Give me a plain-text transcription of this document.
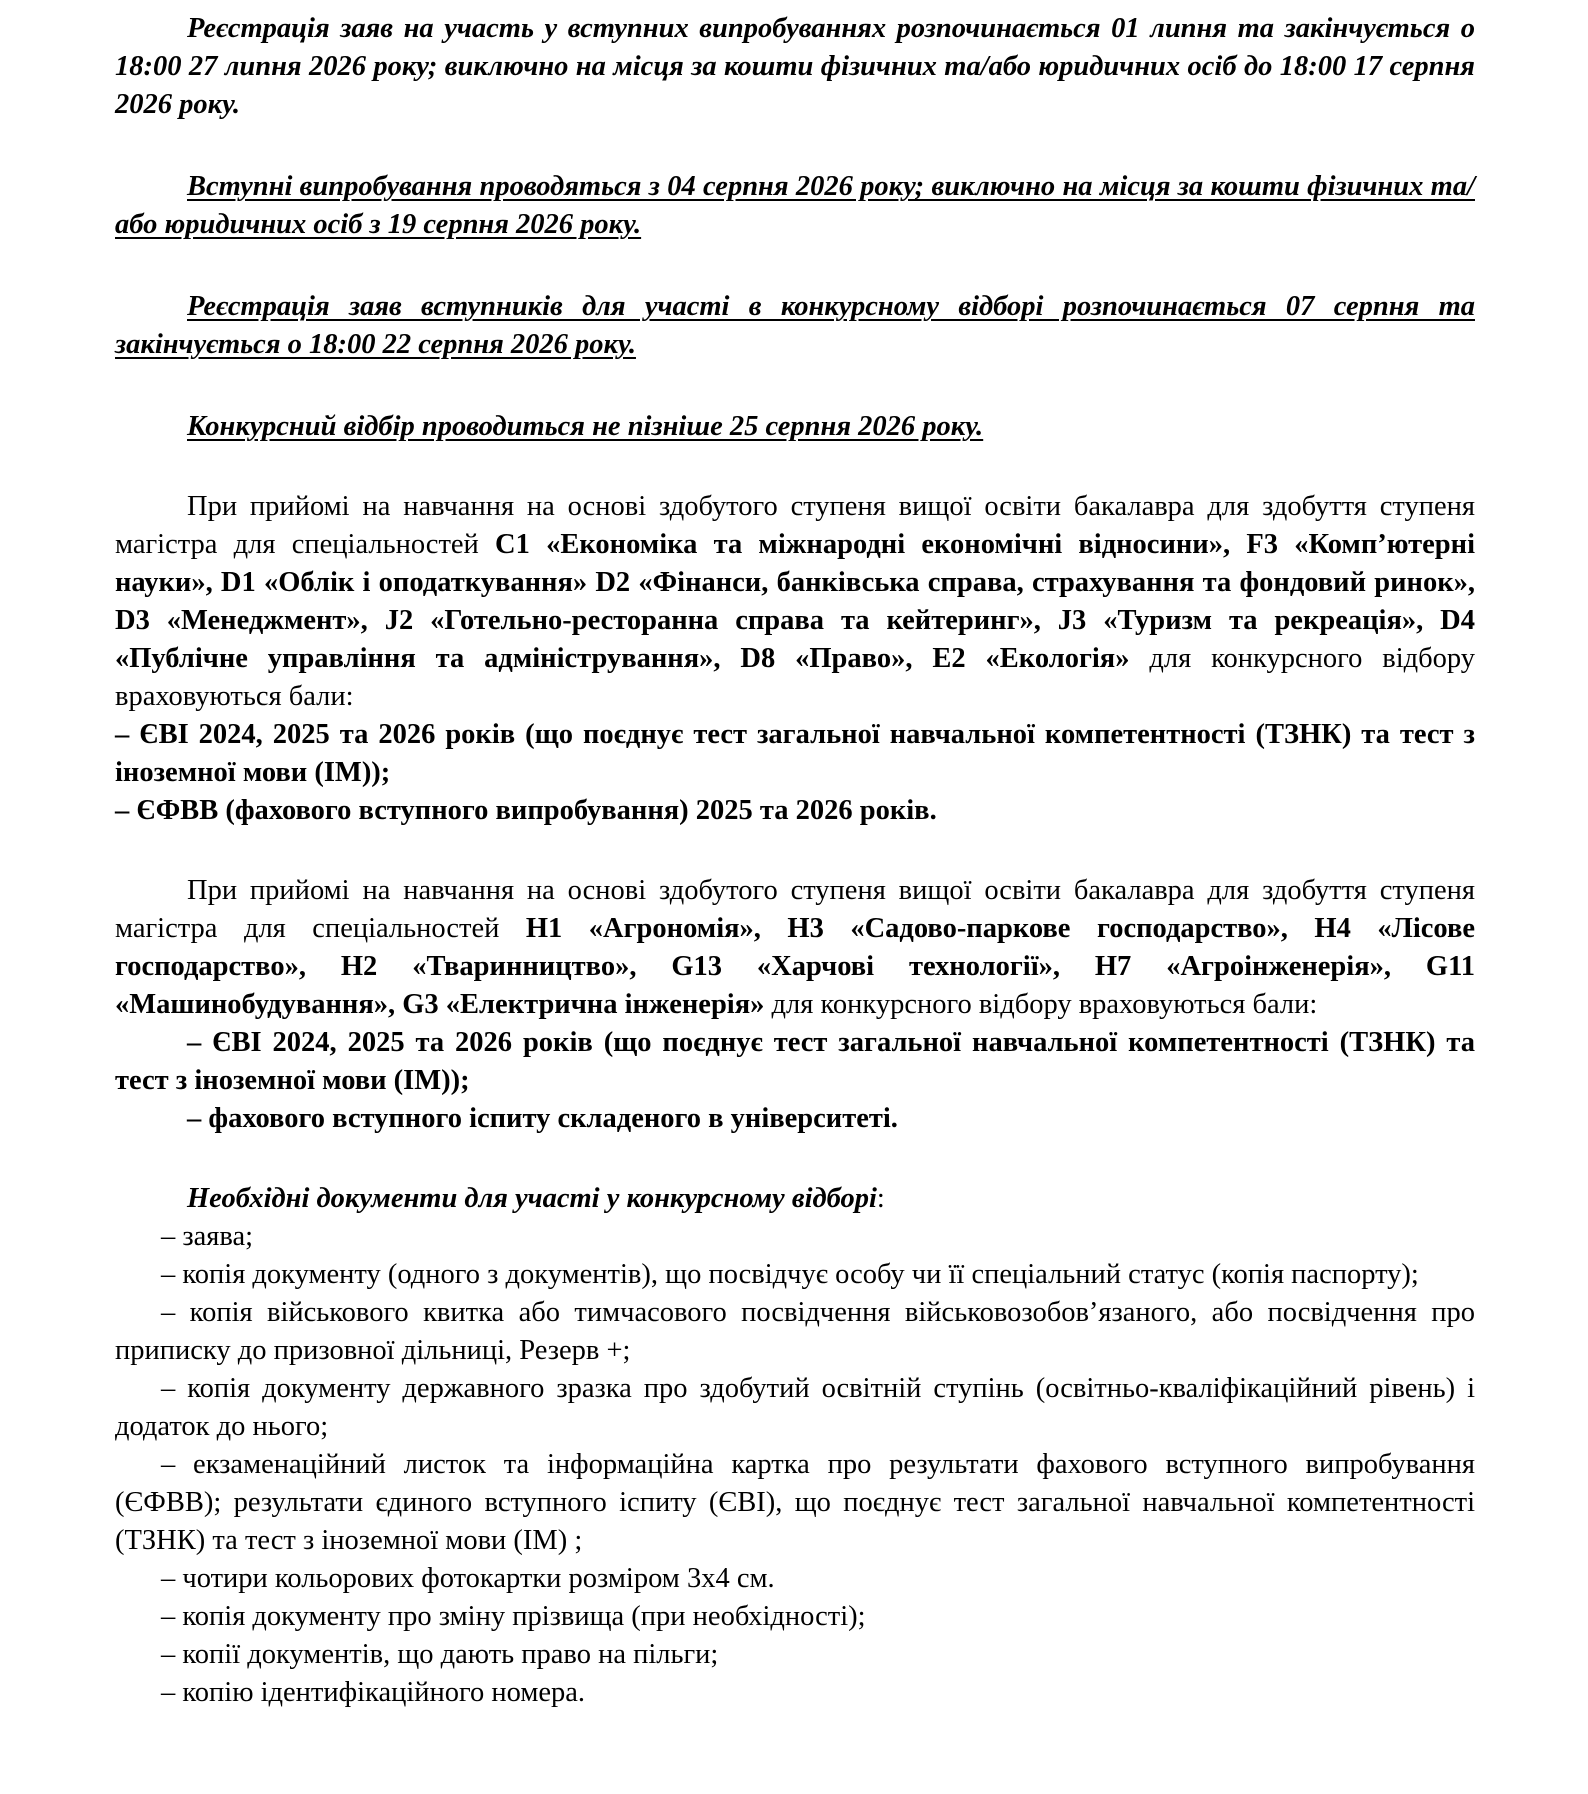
Реєстрація заяв на участь у вступних випробуваннях розпочинається 01 липня та закінчується о 18:00 27 липня 2026 року; виключно на місця за кошти фізичних та/або юридичних осіб до 18:00 17 серпня 2026 року.

Вступні випробування проводяться з 04 серпня 2026 року; виключно на місця за кошти фізичних та/або юридичних осіб з 19 серпня 2026 року.

Реєстрація заяв вступників для участі в конкурсному відборі розпочинається 07 серпня та закінчується о 18:00 22 серпня 2026 року.

Конкурсний відбір проводиться не пізніше 25 серпня 2026 року.

При прийомі на навчання на основі здобутого ступеня вищої освіти бакалавра для здобуття ступеня магістра для спеціальностей C1 «Економіка та міжнародні економічні відносини», F3 «Комп’ютерні науки», D1 «Облік і оподаткування» D2 «Фінанси, банківська справа, страхування та фондовий ринок», D3 «Менеджмент», J2 «Готельно-ресторанна справа та кейтеринг», J3 «Туризм та рекреація», D4 «Публічне управління та адміністрування», D8 «Право», E2 «Екологія» для конкурсного відбору враховуються бали:

– ЄВІ 2024, 2025 та 2026 років (що поєднує тест загальної навчальної компетентності (ТЗНК) та тест з іноземної мови (ІМ));

– ЄФВВ (фахового вступного випробування) 2025 та 2026 років.

При прийомі на навчання на основі здобутого ступеня вищої освіти бакалавра для здобуття ступеня магістра для спеціальностей H1 «Агрономія», H3 «Садово-паркове господарство», H4 «Лісове господарство», H2 «Тваринництво», G13 «Харчові технології», H7 «Агроінженерія», G11 «Машинобудування», G3 «Електрична інженерія» для конкурсного відбору враховуються бали:

– ЄВІ 2024, 2025 та 2026 років (що поєднує тест загальної навчальної компетентності (ТЗНК) та тест з іноземної мови (ІМ));

– фахового вступного іспиту складеного в університеті.

Необхідні документи для участі у конкурсному відборі:

– заява;

– копія документу (одного з документів), що посвідчує особу чи її спеціальний статус (копія паспорту);

– копія військового квитка або тимчасового посвідчення військовозобов’язаного, або посвідчення про приписку до призовної дільниці, Резерв +;

– копія документу державного зразка про здобутий освітній ступінь (освітньо-кваліфікаційний рівень) і додаток до нього;

– екзаменаційний листок та інформаційна картка про результати фахового вступного випробування (ЄФВВ); результати єдиного вступного іспиту (ЄВІ), що поєднує тест загальної навчальної компетентності (ТЗНК) та тест з іноземної мови (ІМ) ;

– чотири кольорових фотокартки розміром 3х4 см.

– копія документу про зміну прізвища (при необхідності);

– копії документів, що дають право на пільги;

– копію ідентифікаційного номера.
